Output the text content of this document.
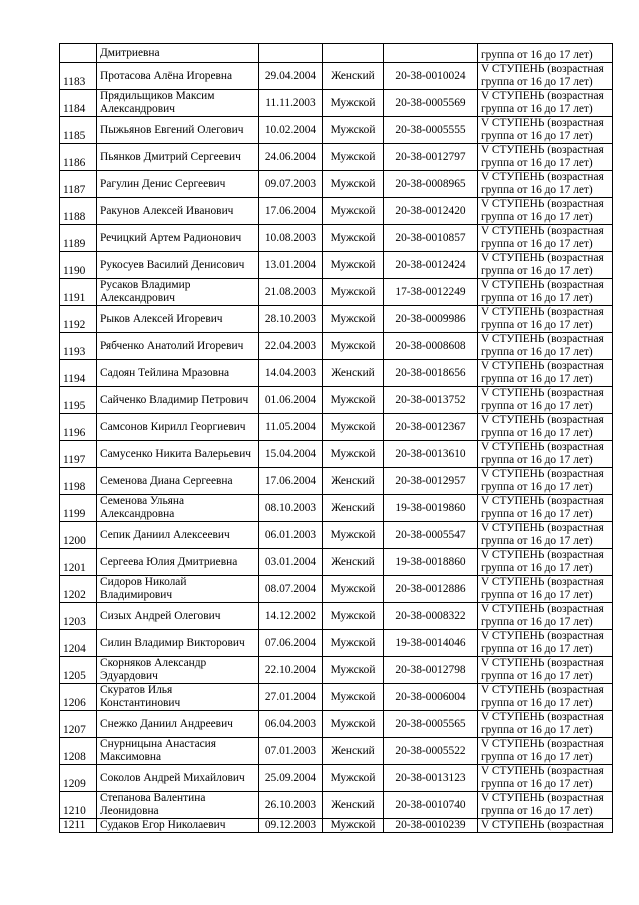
	Дмитриевна				группа от 16 до 17 лет)
1183	Протасова Алёна Игоревна	29.04.2004	Женский	20-38-0010024	V СТУПЕНЬ (возрастная группа от 16 до 17 лет)
1184	Прядильщиков Максим Александрович	11.11.2003	Мужской	20-38-0005569	V СТУПЕНЬ (возрастная группа от 16 до 17 лет)
1185	Пыжьянов Евгений Олегович	10.02.2004	Мужской	20-38-0005555	V СТУПЕНЬ (возрастная группа от 16 до 17 лет)
1186	Пьянков Дмитрий Сергеевич	24.06.2004	Мужской	20-38-0012797	V СТУПЕНЬ (возрастная группа от 16 до 17 лет)
1187	Рагулин Денис Сергеевич	09.07.2003	Мужской	20-38-0008965	V СТУПЕНЬ (возрастная группа от 16 до 17 лет)
1188	Ракунов Алексей Иванович	17.06.2004	Мужской	20-38-0012420	V СТУПЕНЬ (возрастная группа от 16 до 17 лет)
1189	Речицкий Артем Радионович	10.08.2003	Мужской	20-38-0010857	V СТУПЕНЬ (возрастная группа от 16 до 17 лет)
1190	Рукосуев Василий Денисович	13.01.2004	Мужской	20-38-0012424	V СТУПЕНЬ (возрастная группа от 16 до 17 лет)
1191	Русаков Владимир Александрович	21.08.2003	Мужской	17-38-0012249	V СТУПЕНЬ (возрастная группа от 16 до 17 лет)
1192	Рыков Алексей Игоревич	28.10.2003	Мужской	20-38-0009986	V СТУПЕНЬ (возрастная группа от 16 до 17 лет)
1193	Рябченко Анатолий Игоревич	22.04.2003	Мужской	20-38-0008608	V СТУПЕНЬ (возрастная группа от 16 до 17 лет)
1194	Садоян Тейлина Мразовна	14.04.2003	Женский	20-38-0018656	V СТУПЕНЬ (возрастная группа от 16 до 17 лет)
1195	Сайченко Владимир Петрович	01.06.2004	Мужской	20-38-0013752	V СТУПЕНЬ (возрастная группа от 16 до 17 лет)
1196	Самсонов Кирилл Георгиевич	11.05.2004	Мужской	20-38-0012367	V СТУПЕНЬ (возрастная группа от 16 до 17 лет)
1197	Самусенко Никита Валерьевич	15.04.2004	Мужской	20-38-0013610	V СТУПЕНЬ (возрастная группа от 16 до 17 лет)
1198	Семенова Диана Сергеевна	17.06.2004	Женский	20-38-0012957	V СТУПЕНЬ (возрастная группа от 16 до 17 лет)
1199	Семенова Ульяна Александровна	08.10.2003	Женский	19-38-0019860	V СТУПЕНЬ (возрастная группа от 16 до 17 лет)
1200	Сепик Даниил Алексеевич	06.01.2003	Мужской	20-38-0005547	V СТУПЕНЬ (возрастная группа от 16 до 17 лет)
1201	Сергеева Юлия Дмитриевна	03.01.2004	Женский	19-38-0018860	V СТУПЕНЬ (возрастная группа от 16 до 17 лет)
1202	Сидоров Николай Владимирович	08.07.2004	Мужской	20-38-0012886	V СТУПЕНЬ (возрастная группа от 16 до 17 лет)
1203	Сизых Андрей Олегович	14.12.2002	Мужской	20-38-0008322	V СТУПЕНЬ (возрастная группа от 16 до 17 лет)
1204	Силин Владимир Викторович	07.06.2004	Мужской	19-38-0014046	V СТУПЕНЬ (возрастная группа от 16 до 17 лет)
1205	Скорняков Александр Эдуардович	22.10.2004	Мужской	20-38-0012798	V СТУПЕНЬ (возрастная группа от 16 до 17 лет)
1206	Скуратов Илья Константинович	27.01.2004	Мужской	20-38-0006004	V СТУПЕНЬ (возрастная группа от 16 до 17 лет)
1207	Снежко Даниил Андреевич	06.04.2003	Мужской	20-38-0005565	V СТУПЕНЬ (возрастная группа от 16 до 17 лет)
1208	Снурницына Анастасия Максимовна	07.01.2003	Женский	20-38-0005522	V СТУПЕНЬ (возрастная группа от 16 до 17 лет)
1209	Соколов Андрей Михайлович	25.09.2004	Мужской	20-38-0013123	V СТУПЕНЬ (возрастная группа от 16 до 17 лет)
1210	Степанова Валентина Леонидовна	26.10.2003	Женский	20-38-0010740	V СТУПЕНЬ (возрастная группа от 16 до 17 лет)
1211	Судаков Егор Николаевич	09.12.2003	Мужской	20-38-0010239	V СТУПЕНЬ (возрастная
